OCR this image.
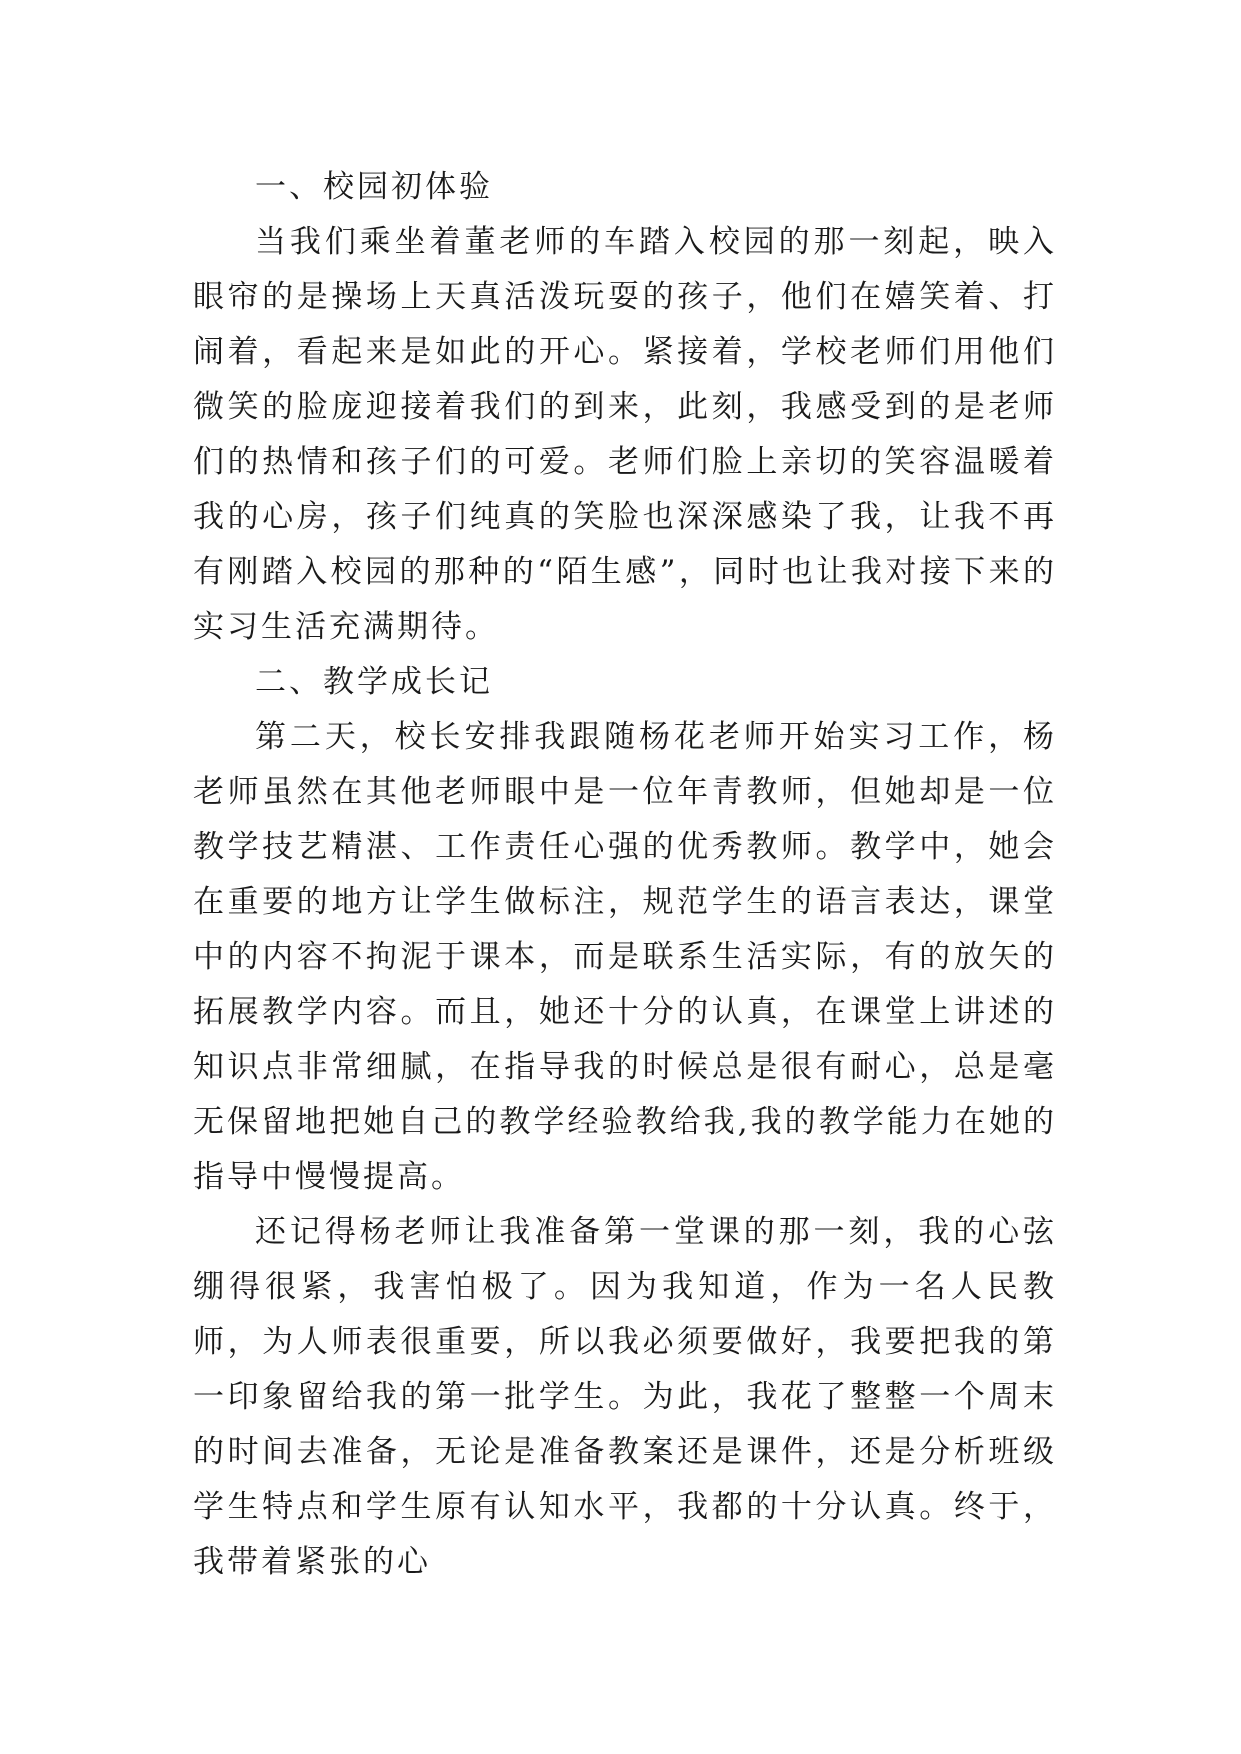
一、校园初体验

当我们乘坐着董老师的车踏入校园的那一刻起，映入眼帘的是操场上天真活泼玩耍的孩子，他们在嬉笑着、打闹着，看起来是如此的开心。紧接着，学校老师们用他们微笑的脸庞迎接着我们的到来，此刻，我感受到的是老师们的热情和孩子们的可爱。老师们脸上亲切的笑容温暖着我的心房，孩子们纯真的笑脸也深深感染了我，让我不再有刚踏入校园的那种的“陌生感”，同时也让我对接下来的实习生活充满期待。

二、教学成长记

第二天，校长安排我跟随杨花老师开始实习工作，杨老师虽然在其他老师眼中是一位年青教师，但她却是一位教学技艺精湛、工作责任心强的优秀教师。教学中，她会在重要的地方让学生做标注，规范学生的语言表达，课堂中的内容不拘泥于课本，而是联系生活实际，有的放矢的拓展教学内容。而且，她还十分的认真，在课堂上讲述的知识点非常细腻，在指导我的时候总是很有耐心，总是毫无保留地把她自己的教学经验教给我,我的教学能力在她的指导中慢慢提高。

还记得杨老师让我准备第一堂课的那一刻，我的心弦绷得很紧，我害怕极了。因为我知道，作为一名人民教师，为人师表很重要，所以我必须要做好，我要把我的第一印象留给我的第一批学生。为此，我花了整整一个周末的时间去准备，无论是准备教案还是课件，还是分析班级学生特点和学生原有认知水平，我都的十分认真。终于，我带着紧张的心
